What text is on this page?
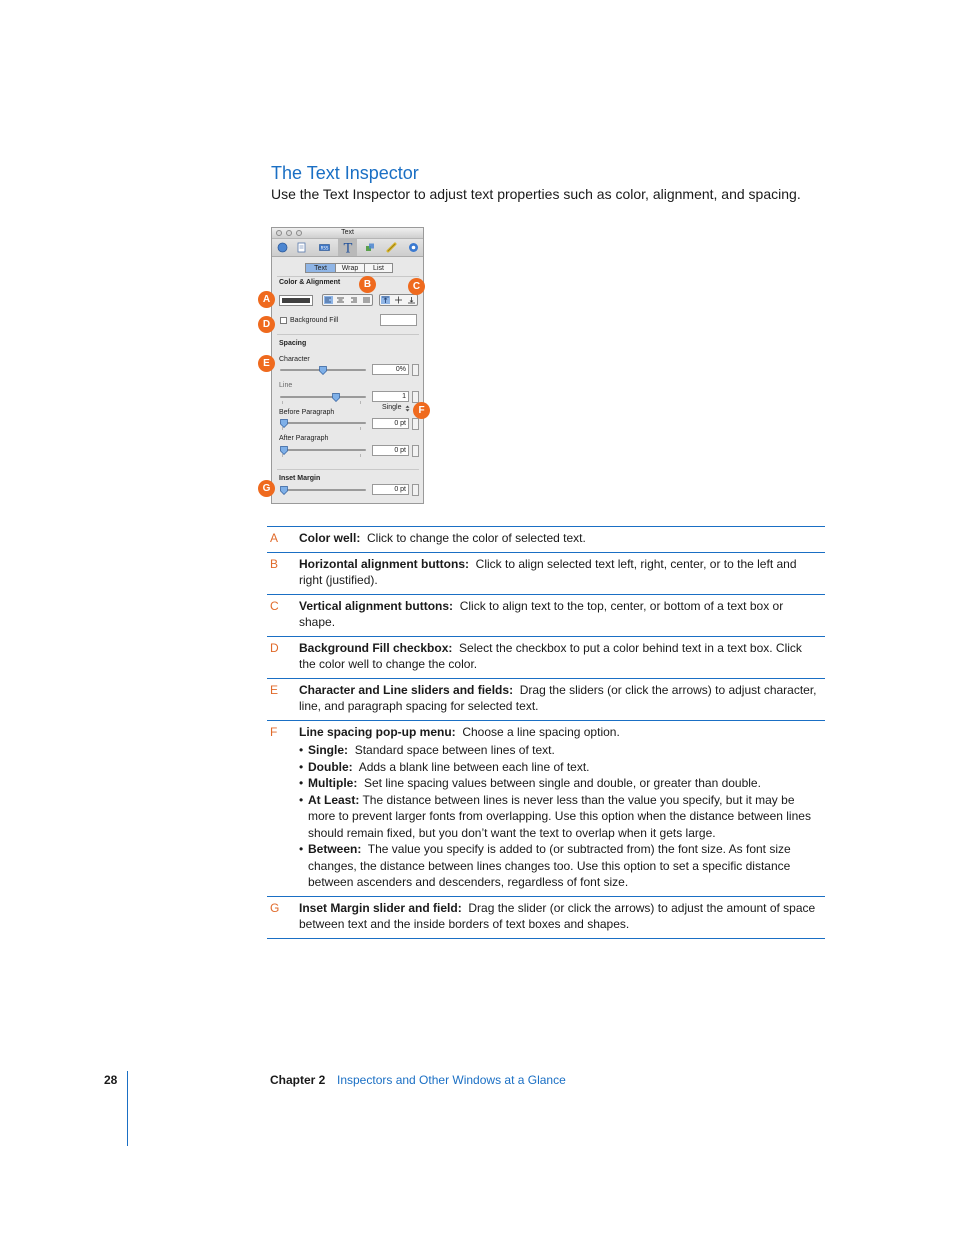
The Text Inspector

Use the Text Inspector to adjust text properties such as color, alignment, and spacing.

Text
RSS T
Text	Wrap	List
Color & Alignment
Background Fill
Spacing
Character
0%
Line
ı	ı
1
Single
Before Paragraph
ı	ı
0 pt
After Paragraph
ı	ı
0 pt
Inset Margin
0 pt
A
B	C
D
E
F
G
A	Color well: Click to change the color of selected text.
B	Horizontal alignment buttons: Click to align selected text left, right, center, or to the left and right (justified).
C	Vertical alignment buttons: Click to align text to the top, center, or bottom of a text box or shape.
D	Background Fill checkbox: Select the checkbox to put a color behind text in a text box. Click the color well to change the color.
E	Character and Line sliders and fields: Drag the sliders (or click the arrows) to adjust character, line, and paragraph spacing for selected text.
F	Line spacing pop-up menu: Choose a line spacing option.
• Single: Standard space between lines of text.
• Double: Adds a blank line between each line of text.
• Multiple: Set line spacing values between single and double, or greater than double.
• At Least: The distance between lines is never less than the value you specify, but it may be more to prevent larger fonts from overlapping. Use this option when the distance between lines should remain fixed, but you don’t want the text to overlap when it gets large.
• Between: The value you specify is added to (or subtracted from) the font size. As font size changes, the distance between lines changes too. Use this option to set a specific distance between ascenders and descenders, regardless of font size.
G	Inset Margin slider and field: Drag the slider (or click the arrows) to adjust the amount of space between text and the inside borders of text boxes and shapes.
28	Chapter 2 Inspectors and Other Windows at a Glance
